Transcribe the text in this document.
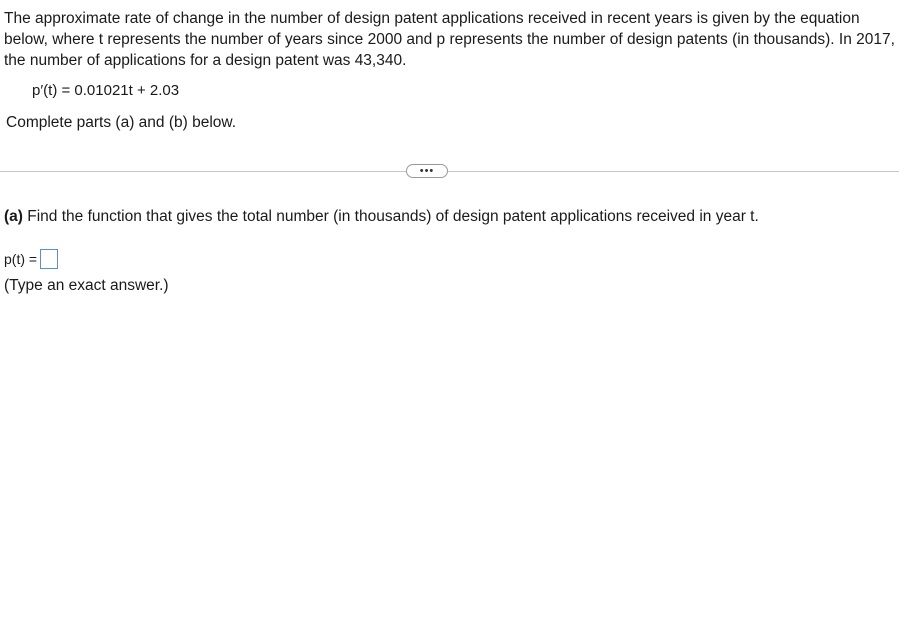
The approximate rate of change in the number of design patent applications received in recent years is given by the equation below, where t represents the number of years since 2000 and p represents the number of design patents (in thousands). In 2017, the number of applications for a design patent was 43,340.

p′(t) = 0.01021t + 2.03

Complete parts (a) and (b) below.

•••

(a) Find the function that gives the total number (in thousands) of design patent applications received in year t.

p(t) =

(Type an exact answer.)
